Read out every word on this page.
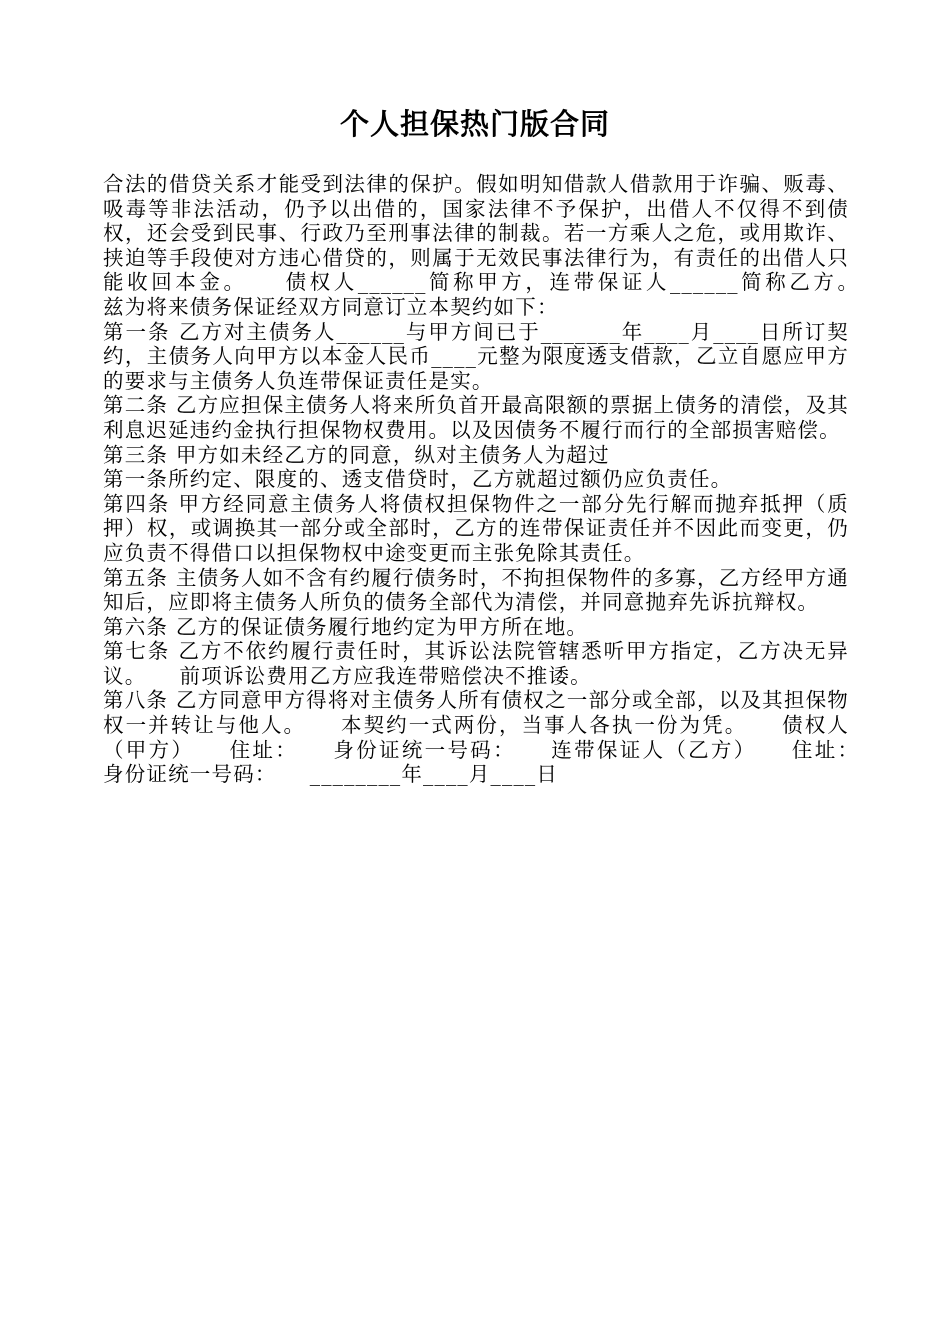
个人担保热门版合同

合法的借贷关系才能受到法律的保护。假如明知借款人借款用于诈骗、贩毒、吸毒等非法活动，仍予以出借的，国家法律不予保护，出借人不仅得不到债权，还会受到民事、行政乃至刑事法律的制裁。若一方乘人之危，或用欺诈、挟迫等手段使对方违心借贷的，则属于无效民事法律行为，有责任的出借人只能收回本金。　　债权人______简称甲方，连带保证人______简称乙方。　　兹为将来债务保证经双方同意订立本契约如下：

第一条 乙方对主债务人______与甲方间已于_______年____月____日所订契约，主债务人向甲方以本金人民币____元整为限度透支借款，乙立自愿应甲方的要求与主债务人负连带保证责任是实。

第二条 乙方应担保主债务人将来所负首开最高限额的票据上债务的清偿，及其利息迟延违约金执行担保物权费用。以及因债务不履行而行的全部损害赔偿。

第三条 甲方如未经乙方的同意，纵对主债务人为超过

第一条所约定、限度的、透支借贷时，乙方就超过额仍应负责任。

第四条 甲方经同意主债务人将债权担保物件之一部分先行解而抛弃抵押（质押）权，或调换其一部分或全部时，乙方的连带保证责任并不因此而变更，仍应负责不得借口以担保物权中途变更而主张免除其责任。

第五条 主债务人如不含有约履行债务时，不拘担保物件的多寡，乙方经甲方通知后，应即将主债务人所负的债务全部代为清偿，并同意抛弃先诉抗辩权。

第六条 乙方的保证债务履行地约定为甲方所在地。

第七条 乙方不依约履行责任时，其诉讼法院管辖悉听甲方指定，乙方决无异议。　　前项诉讼费用乙方应我连带赔偿决不推诿。

第八条 乙方同意甲方得将对主债务人所有债权之一部分或全部，以及其担保物权一并转让与他人。　　本契约一式两份，当事人各执一份为凭。　　债权人（甲方）　　住址：　　身份证统一号码：　　连带保证人（乙方）　　住址：　　身份证统一号码：　　________年____月____日
